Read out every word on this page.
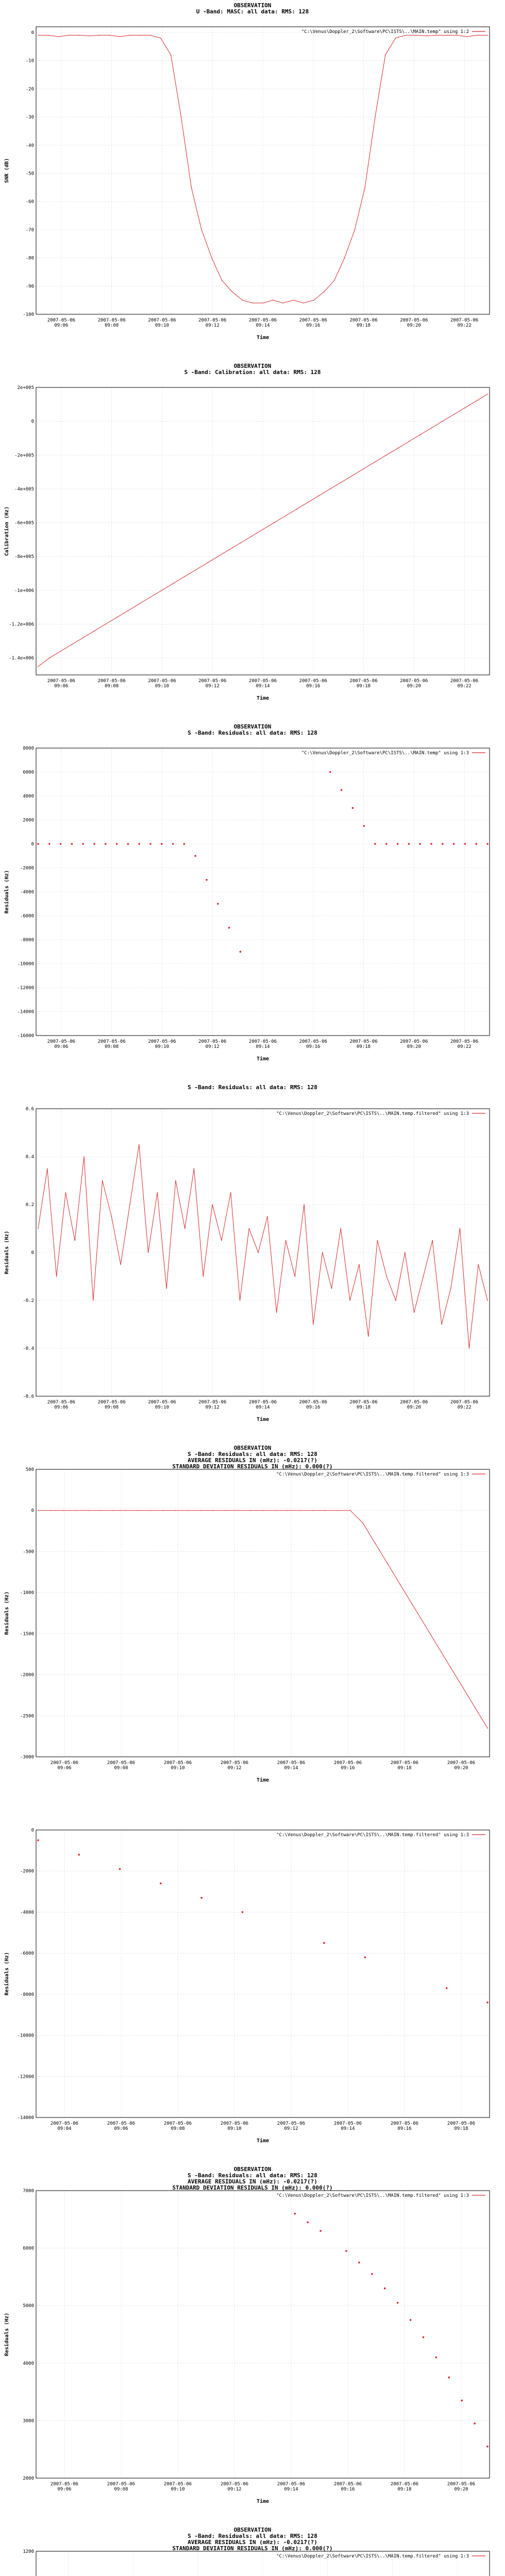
OBSERVATION
U -Band: MASC: all data: RMS: 128
0
-10
-20
-30
-40
-50
-60
-70
-80
-90
-100
2007-05-06
09:06
2007-05-06
09:08
2007-05-06
09:10
2007-05-06
09:12
2007-05-06
09:14
2007-05-06
09:16
2007-05-06
09:18
2007-05-06
09:20
2007-05-06
09:22
Time
SNR (dB)
"C:\Venus\Doppler_2\Software\PC\ISTS\..\MAIN.temp" using 1:2
OBSERVATION
S -Band: Calibration: all data: RMS: 128
2e+005
0
-2e+005
-4e+005
-6e+005
-8e+005
-1e+006
-1.2e+006
-1.4e+006
2007-05-06
09:06
2007-05-06
09:08
2007-05-06
09:10
2007-05-06
09:12
2007-05-06
09:14
2007-05-06
09:16
2007-05-06
09:18
2007-05-06
09:20
2007-05-06
09:22
Time
Calibration (Hz)
OBSERVATION
S -Band: Residuals: all data: RMS: 128
8000
6000
4000
2000
0
-2000
-4000
-6000
-8000
-10000
-12000
-14000
-16000
2007-05-06
09:06
2007-05-06
09:08
2007-05-06
09:10
2007-05-06
09:12
2007-05-06
09:14
2007-05-06
09:16
2007-05-06
09:18
2007-05-06
09:20
2007-05-06
09:22
Time
Residuals (Hz)
"C:\Venus\Doppler_2\Software\PC\ISTS\..\MAIN.temp" using 1:3
S -Band: Residuals: all data: RMS: 128
0.6
0.4
0.2
0
-0.2
-0.4
-0.6
2007-05-06
09:06
2007-05-06
09:08
2007-05-06
09:10
2007-05-06
09:12
2007-05-06
09:14
2007-05-06
09:16
2007-05-06
09:18
2007-05-06
09:20
2007-05-06
09:22
Time
Residuals (Hz)
"C:\Venus\Doppler_2\Software\PC\ISTS\..\MAIN.temp.filtered" using 1:3
OBSERVATION
S -Band: Residuals: all data: RMS: 128
AVERAGE RESIDUALS IN (mHz): -0.0217(?)
STANDARD DEVIATION RESIDUALS IN (mHz): 0.000(?)
500
0
-500
-1000
-1500
-2000
-2500
-3000
2007-05-06
09:06
2007-05-06
09:08
2007-05-06
09:10
2007-05-06
09:12
2007-05-06
09:14
2007-05-06
09:16
2007-05-06
09:18
2007-05-06
09:20
Time
Residuals (Hz)
"C:\Venus\Doppler_2\Software\PC\ISTS\..\MAIN.temp.filtered" using 1:3
0
-2000
-4000
-6000
-8000
-10000
-12000
-14000
2007-05-06
09:04
2007-05-06
09:06
2007-05-06
09:08
2007-05-06
09:10
2007-05-06
09:12
2007-05-06
09:14
2007-05-06
09:16
2007-05-06
09:18
Time
Residuals (Hz)
"C:\Venus\Doppler_2\Software\PC\ISTS\..\MAIN.temp.filtered" using 1:3
OBSERVATION
S -Band: Residuals: all data: RMS: 128
AVERAGE RESIDUALS IN (mHz): -0.0217(?)
STANDARD DEVIATION RESIDUALS IN (mHz): 0.000(?)
7000
6000
5000
4000
3000
2000
2007-05-06
09:06
2007-05-06
09:08
2007-05-06
09:10
2007-05-06
09:12
2007-05-06
09:14
2007-05-06
09:16
2007-05-06
09:18
2007-05-06
09:20
Time
Residuals (Hz)
"C:\Venus\Doppler_2\Software\PC\ISTS\..\MAIN.temp.filtered" using 1:3
OBSERVATION
S -Band: Residuals: all data: RMS: 128
AVERAGE RESIDUALS IN (mHz): -0.0217(?)
STANDARD DEVIATION RESIDUALS IN (mHz): 0.000(?)
1200
"C:\Venus\Doppler_2\Software\PC\ISTS\..\MAIN.temp.filtered" using 1:3
